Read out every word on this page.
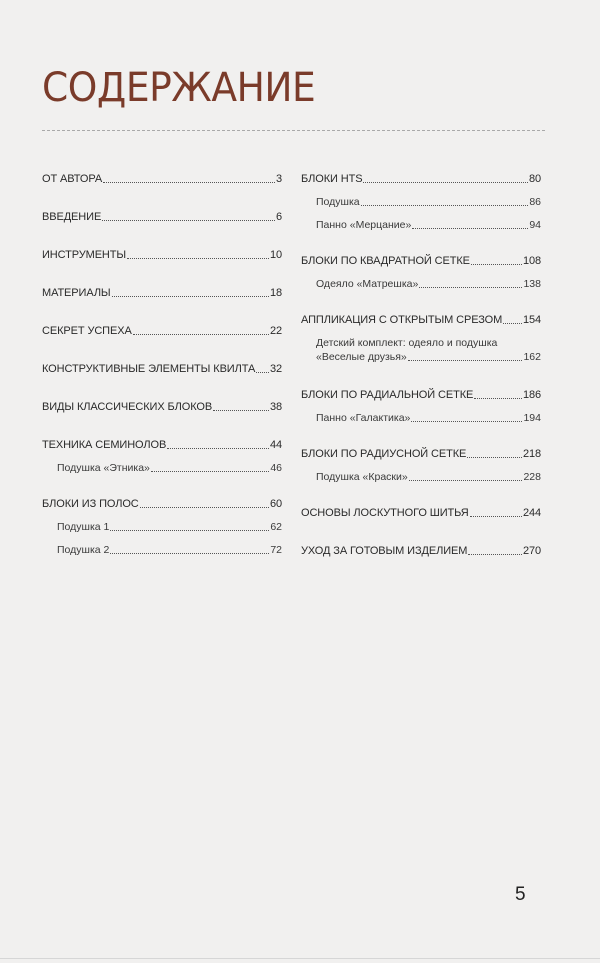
СОДЕРЖАНИЕ
ОТ АВТОРА	3
ВВЕДЕНИЕ	6
ИНСТРУМЕНТЫ	10
МАТЕРИАЛЫ	18
СЕКРЕТ УСПЕХА	22
КОНСТРУКТИВНЫЕ ЭЛЕМЕНТЫ КВИЛТА 32
ВИДЫ КЛАССИЧЕСКИХ БЛОКОВ	38
ТЕХНИКА СЕМИНОЛОВ	44
Подушка «Этника»	46
БЛОКИ ИЗ ПОЛОС	60
Подушка 1	62
Подушка 2	72
БЛОКИ HTS	80
Подушка	86
Панно «Мерцание»	94
БЛОКИ ПО КВАДРАТНОЙ СЕТКЕ	108
Одеяло «Матрешка»	138
АППЛИКАЦИЯ С ОТКРЫТЫМ СРЕЗОМ 154
Детский комплект: одеяло и подушка
«Веселые друзья»	162
БЛОКИ ПО РАДИАЛЬНОЙ СЕТКЕ	186
Панно «Галактика»	194
БЛОКИ ПО РАДИУСНОЙ СЕТКЕ	218
Подушка «Краски»	228
ОСНОВЫ ЛОСКУТНОГО ШИТЬЯ	244
УХОД ЗА ГОТОВЫМ ИЗДЕЛИЕМ	270
5
